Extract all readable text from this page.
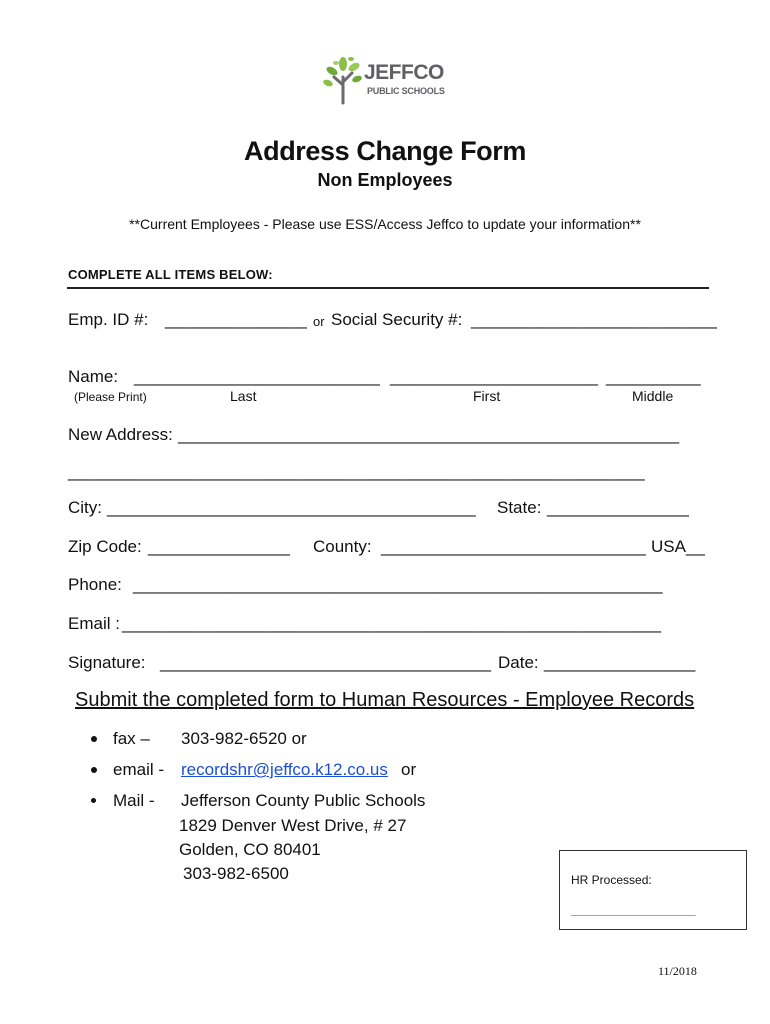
JEFFCO
PUBLIC SCHOOLS
Address Change Form
Non Employees
**Current Employees - Please use ESS/Access Jeffco to update your information**
COMPLETE ALL ITEMS BELOW:
Emp. ID #: _______________ or Social Security #: __________________________
Name: __________________________ ______________________ __________
(Please Print)	Last	First	Middle
New Address: _____________________________________________________
_____________________________________________________________
City: _______________________________________ State: _______________
Zip Code: _______________ County: ____________________________ USA__
Phone: ________________________________________________________
Email : _________________________________________________________
Signature: ___________________________________ Date: ________________
Submit the completed form to Human Resources - Employee Records
fax – 303-982-6520 or
email - recordshr@jeffco.k12.co.us or
Mail - Jefferson County Public Schools
1829 Denver West Drive, # 27
Golden, CO 80401
303-982-6500	HR Processed:
____________________________
11/2018
